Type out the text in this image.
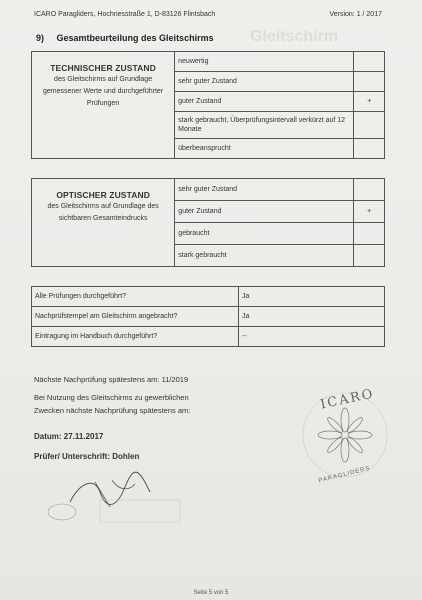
ICARO Paragliders, Hochriesstraße 1, D-83126 Flintsbach	Version: 1 / 2017
Gleitschirm
9) Gesamtbeurteilung des Gleitschirms
TECHNISCHER ZUSTAND
des Gleitschirms auf Grundlage gemessener Werte und durchgeführter Prüfungen	neuwertig	
	sehr guter Zustand	
	guter Zustand	+
	stark gebraucht, Überprüfungsintervall verkürzt auf 12 Monate	
	überbeansprucht	
OPTISCHER ZUSTAND
des Gleitschirms auf Grundlage des sichtbaren Gesamteindrucks	sehr guter Zustand	
	guter Zustand	+
	gebraucht	
	stark gebraucht	
Alle Prüfungen durchgeführt?	Ja
Nachprüfstempel am Gleitschirm angebracht?	Ja
Eintragung im Handbuch durchgeführt?	--
Nächste Nachprüfung spätestens am: 11/2019
Bei Nutzung des Gleitschirms zu gewerblichen
Zwecken nächste Nachprüfung spätestens am:
Datum: 27.11.2017
Prüfer/ Unterschrift: Dohlen
ICARO
PARAGLIDERS
Seite 5 von 5
